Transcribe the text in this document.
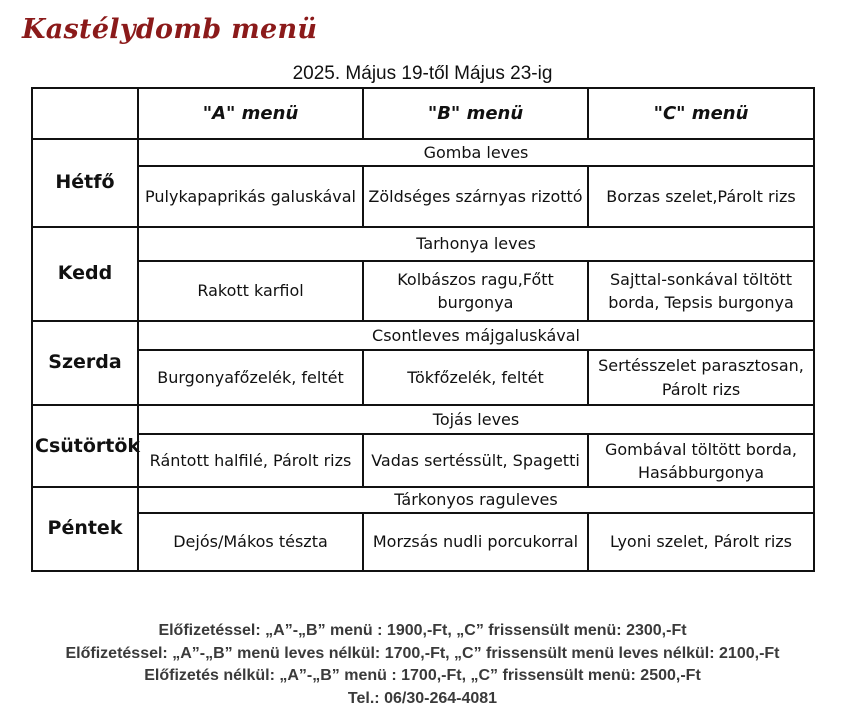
Kastélydomb menü
2025. Május 19-től Május 23-ig
	"A" menü	"B" menü	"C" menü
Hétfő	Gomba leves		
	Pulykapaprikás galuskával	Zöldséges szárnyas rizottó	Borzas szelet,Párolt rizs
Kedd	Tarhonya leves		
	Rakott karfiol	Kolbászos ragu,Főtt burgonya	Sajttal-sonkával töltött borda, Tepsis burgonya
Szerda	Csontleves májgaluskával		
	Burgonyafőzelék, feltét	Tökfőzelék, feltét	Sertésszelet parasztosan, Párolt rizs
Csütörtök	Tojás leves		
	Rántott halfilé, Párolt rizs	Vadas sertéssült, Spagetti	Gombával töltött borda, Hasábburgonya
Péntek	Tárkonyos raguleves		
	Dejós/Mákos tészta	Morzsás nudli porcukorral	Lyoni szelet, Párolt rizs
Előfizetéssel: „A”-„B” menü : 1900,-Ft, „C” frissensült menü: 2300,-Ft
Előfizetéssel: „A”-„B” menü leves nélkül: 1700,-Ft, „C” frissensült menü leves nélkül: 2100,-Ft
Előfizetés nélkül: „A”-„B” menü : 1700,-Ft, „C” frissensült menü: 2500,-Ft
Tel.: 06/30-264-4081
